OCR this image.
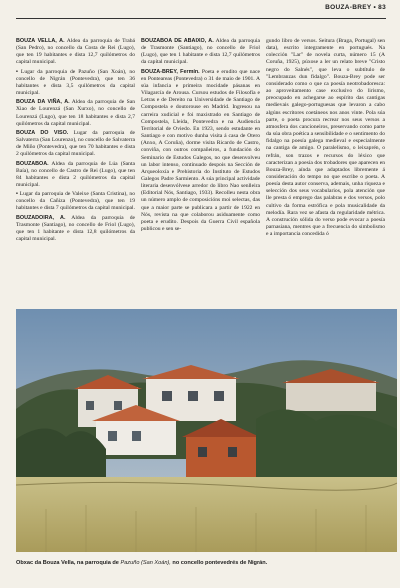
BOUZA-BREY • 83

BOUZA VELLA, A. Aldea da parroquia de Trabá (San Pedro), no concello da Costa de Rei (Lugo), que ten 19 habitantes e dista 12,7 quilómetros do capital municipal.

• Lugar da parroquia de Pazuño (San Xoán), no concello de Nigrán (Pontevedra), que ten 36 habitantes e dista 3,5 quilómetros da capital municipal.

BOUZA DA VIÑA, A. Aldea da parroquia de San Xiao de Lourenzá (San Xurxo), no concello de Lourenzá (Lugo), que ten 18 habitantes e dista 2,7 quilómetros da capital municipal.

BOUZA DO VISO. Lugar da parroquia de Salvaterra (San Lourenzo), no concello de Salvaterra de Miño (Pontevedra), que ten 70 habitantes e dista 2 quilómetros da capital municipal.

BOUZABOA. Aldea da parroquia de Lúa (Santa Baía), no concello de Castro de Rei (Lugo), que ten 84 habitantes e dista 2 quilómetros da capital municipal.

• Lugar da parroquia de Valeixe (Santa Cristina), no concello da Cañiza (Pontevedra), que ten 19 habitantes e dista 7 quilómetros da capital municipal.

BOUZADOIRA, A. Aldea da parroquia de Trasmonte (Santiago), no concello de Friol (Lugo), que ten 1 habitante e dista 12,8 quilómetros da capital municipal.

BOUZABOA DE ABAIXO, A. Aldea da parroquia de Trasmonte (Santiago), no concello de Friol (Lugo), que ten 1 habitante e dista 12,7 quilómetros da capital municipal.

BOUZA-BREY, Fermín. Poeta e erudito que nace en Ponteareas (Pontevedra) o 31 de maio de 1901. A súa infancia e primeira mocidade pásanas en Vilagarcía de Arousa. Cursou estudos de Filosofía e Letras e de Dereito na Universidade de Santiago de Compostela e doutorouse en Madrid. Ingresou na carreira xudicial e foi maxistrado en Santiago de Compostela, Lleida, Pontevedra e na Audiencia Territorial de Oviedo. En 1923, sendo estudante en Santiago e con motivo dunha visita á casa de Otero (Anxo, A Coruña), dorme visita Ricardo de Castro, conviña, con outros compañeiros, a fundación do Seminario de Estudos Galegos, no que desenvolveu un labor intenso, continuado despois na Sección de Arqueoloxía e Prehistoria do Instituto de Estudos Galegos Padre Sarmiento. A súa principal actividade literaria desenvólvese arredor do libro Nao senlleira (Editorial Nós, Santiago, 1933). Recolleu nesta obra un número amplo de composicións moi selectas, das que a maior parte se publicara a partir de 1922 en Nós, revista na que colaborou asiduamente como poeta e erudito. Despois da Guerra Civil española publicou e sen se-

gundo libro de versos. Seitura (Braga, Portugal) sen data), escrito integramente en portugués. Na colección "Lar" de novela curta, número 15 (A Coruña, 1925), púxose a ler un relato breve "Cristo negro do Salnés", que leva o subtítulo de "Lembranzas dun fidalgo". Bouza-Brey pode ser considerado como o que ca poesía neotrobadoresca: ao aproveitamento case exclusivo do lirismo, preocupado en achegarse ao espírito das cantigas medievais galego-portuguesas que levaron a cabo algúns escritores coetáneos nos anos vinte. Pola súa parte, o poeta procura recrear nos seus versos a atmosfera dos cancioneiros, preservando como parte da súa obra poética a sensibilidade e o sentimento do fidalgo na poesía galega medieval e especialmente na cantiga de amigo. O paralelismo, o leixaprén, o refrán, son trazos e recursos do léxico que caracterizan a poesía dos trobadores que aparecen en Bouza-Brey, aínda que adaptados libremente á consideración do tempo no que escribe o poeta. A poesía desta autor conserva, ademais, unha riqueza e selección dos seus vocabularios, pola atención que lle presta ó emprego das palabras e dos versos, polo cultivo da forma estrófica e pola musicalidade da melodía. Rara vez se afasta da regularidade métrica. A construción sólida do verso pode evocar a poesía parnasiana, mentres que a frecuencia do simbolismo e a importancia concedida ó

Obxac da Bouza Vella, na parroquia de Pazuño (San Xoán), no concello pontevedrés de Nigrán.
